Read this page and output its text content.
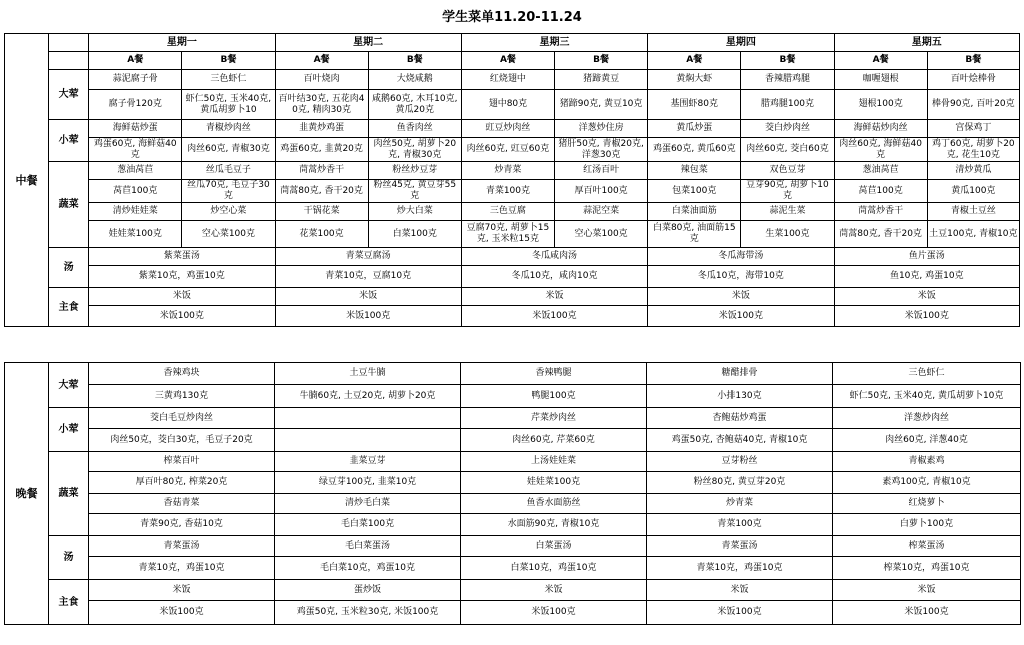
学生菜单11.20-11.24
中餐		星期一		星期二		星期三		星期四		星期五	
		A餐	B餐	A餐	B餐	A餐	B餐	A餐	B餐	A餐	B餐
	大荤	蒜泥腐子骨	三色虾仁	百叶烧肉	大烧咸鹅	红烧翅中	猪蹄黄豆	黄焖大虾	香辣腊鸡腿	咖喱翅根	百叶烩棒骨
		腐子骨120克	虾仁50克, 玉米40克, 黄瓜胡萝卜10	百叶结30克, 五花肉40克, 精肉30克	咸鹅60克, 木耳10克, 黄瓜20克	翅中80克	猪蹄90克, 黄豆10克	基围虾80克	腊鸡腿100克	翅根100克	棒骨90克, 百叶20克
	小荤	海鲜菇炒蛋	青椒炒肉丝	韭黄炒鸡蛋	鱼香肉丝	豇豆炒肉丝	洋葱炒住房	黄瓜炒蛋	茭白炒肉丝	海鲜菇炒肉丝	宫保鸡丁
		鸡蛋60克, 海鲜菇40克	肉丝60克, 青椒30克	鸡蛋60克, 韭黄20克	肉丝50克, 胡萝卜20克, 青椒30克	肉丝60克, 豇豆60克	猪肝50克, 青椒20克, 洋葱30克	鸡蛋60克, 黄瓜60克	肉丝60克, 茭白60克	肉丝60克, 海鲜菇40克	鸡丁60克, 胡萝卜20克, 花生10克
	蔬菜	葱油莴苣	丝瓜毛豆子	茼蒿炒香干	粉丝炒豆芽	炒青菜	红汤百叶	辣包菜	双色豆芽	葱油莴苣	清炒黄瓜
		莴苣100克	丝瓜70克, 毛豆子30克	茼蒿80克, 香干20克	粉丝45克, 黄豆芽55克	青菜100克	厚百叶100克	包菜100克	豆芽90克, 胡萝卜10克	莴苣100克	黄瓜100克
		清炒娃娃菜	炒空心菜	干锅花菜	炒大白菜	三色豆腐	蒜泥空菜	白菜油面筋	蒜泥生菜	茼蒿炒香干	青椒土豆丝
		娃娃菜100克	空心菜100克	花菜100克	白菜100克	豆腐70克, 胡萝卜15克, 玉米粒15克	空心菜100克	白菜80克, 油面筋15克	生菜100克	茼蒿80克, 香干20克	土豆100克, 青椒10克
	汤	紫菜蛋汤		青菜豆腐汤		冬瓜咸肉汤		冬瓜海带汤		鱼片蛋汤	
		紫菜10克，鸡蛋10克		青菜10克，豆腐10克		冬瓜10克，咸肉10克		冬瓜10克，海带10克		鱼10克, 鸡蛋10克	
	主食	米饭		米饭		米饭		米饭		米饭	
		米饭100克		米饭100克		米饭100克		米饭100克		米饭100克	
晚餐	大荤	香辣鸡块	土豆牛腩	香辣鸭腿	糖醋排骨	三色虾仁
		三黄鸡130克	牛腩60克, 土豆20克, 胡萝卜20克	鸭腿100克	小排130克	虾仁50克, 玉米40克, 黄瓜胡萝卜10克
	小荤	茭白毛豆炒肉丝		芹菜炒肉丝	杏鲍菇炒鸡蛋	洋葱炒肉丝
		肉丝50克，茭白30克，毛豆子20克		肉丝60克, 芹菜60克	鸡蛋50克, 杏鲍菇40克, 青椒10克	肉丝60克, 洋葱40克
	蔬菜	榨菜百叶	韭菜豆芽	上汤娃娃菜	豆芽粉丝	青椒素鸡
		厚百叶80克, 榨菜20克	绿豆芽100克, 韭菜10克	娃娃菜100克	粉丝80克, 黄豆芽20克	素鸡100克, 青椒10克
		香菇青菜	清炒毛白菜	鱼香水面筋丝	炒青菜	红烧萝卜
		青菜90克, 香菇10克	毛白菜100克	水面筋90克, 青椒10克	青菜100克	白萝卜100克
	汤	青菜蛋汤	毛白菜蛋汤	白菜蛋汤	青菜蛋汤	榨菜蛋汤
		青菜10克，鸡蛋10克	毛白菜10克，鸡蛋10克	白菜10克，鸡蛋10克	青菜10克，鸡蛋10克	榨菜10克，鸡蛋10克
	主食	米饭	蛋炒饭	米饭	米饭	米饭
		米饭100克	鸡蛋50克, 玉米粒30克, 米饭100克	米饭100克	米饭100克	米饭100克
